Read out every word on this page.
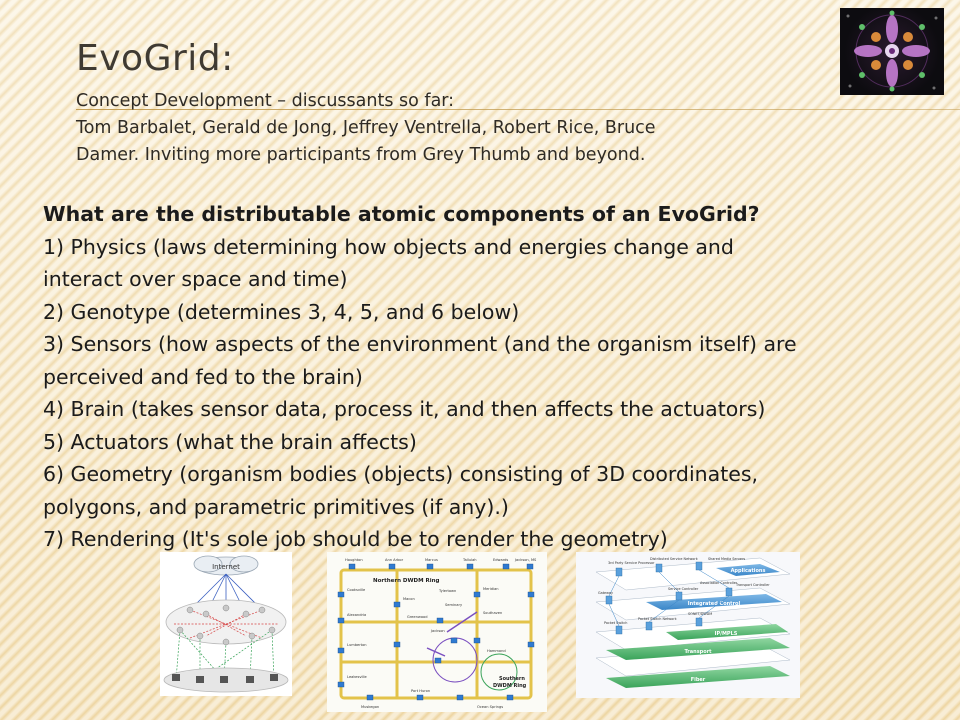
EvoGrid:
Concept Development – discussants so far:
Tom Barbalet, Gerald de Jong, Jeffrey Ventrella, Robert Rice, Bruce
Damer. Inviting more participants from Grey Thumb and beyond.
What are the distributable atomic components of an EvoGrid?
1) Physics (laws determining how objects and energies change and
interact over space and time)
2) Genotype (determines 3, 4, 5, and 6 below)
3) Sensors (how aspects of the environment (and the organism itself) are
perceived and fed to the brain)
4) Brain (takes sensor data, process it, and then affects the actuators)
5) Actuators (what the brain affects)
6) Geometry (organism bodies (objects) consisting of 3D coordinates,
polygons, and parametric primitives (if any).)
7) Rendering (It's sole job should be to render the geometry)
Internet
Northern DWDM Ring
Southern
DWDM Ring
Houghton	Ann Arbor	Marcus	Tallulah	Edwards Jackson, MS
Cooksville	Tylertown	Meridian
Alexandria
Seminary
Macon
Southaven
Lumberton
Leakesville
Port Huron
Ocean Springs
Muskegon
Hammond
Greenwood
Jackson
Applications
Integrated Control
IP/MPLS
Transport
Fiber
3rd Party Service Processor
Distributed Service Network	Shared Media Servers
Gateway
Service Controller
Association Controller
Transport Controller
Packet Switch
Packet Switch Network
SONET/DWDM
